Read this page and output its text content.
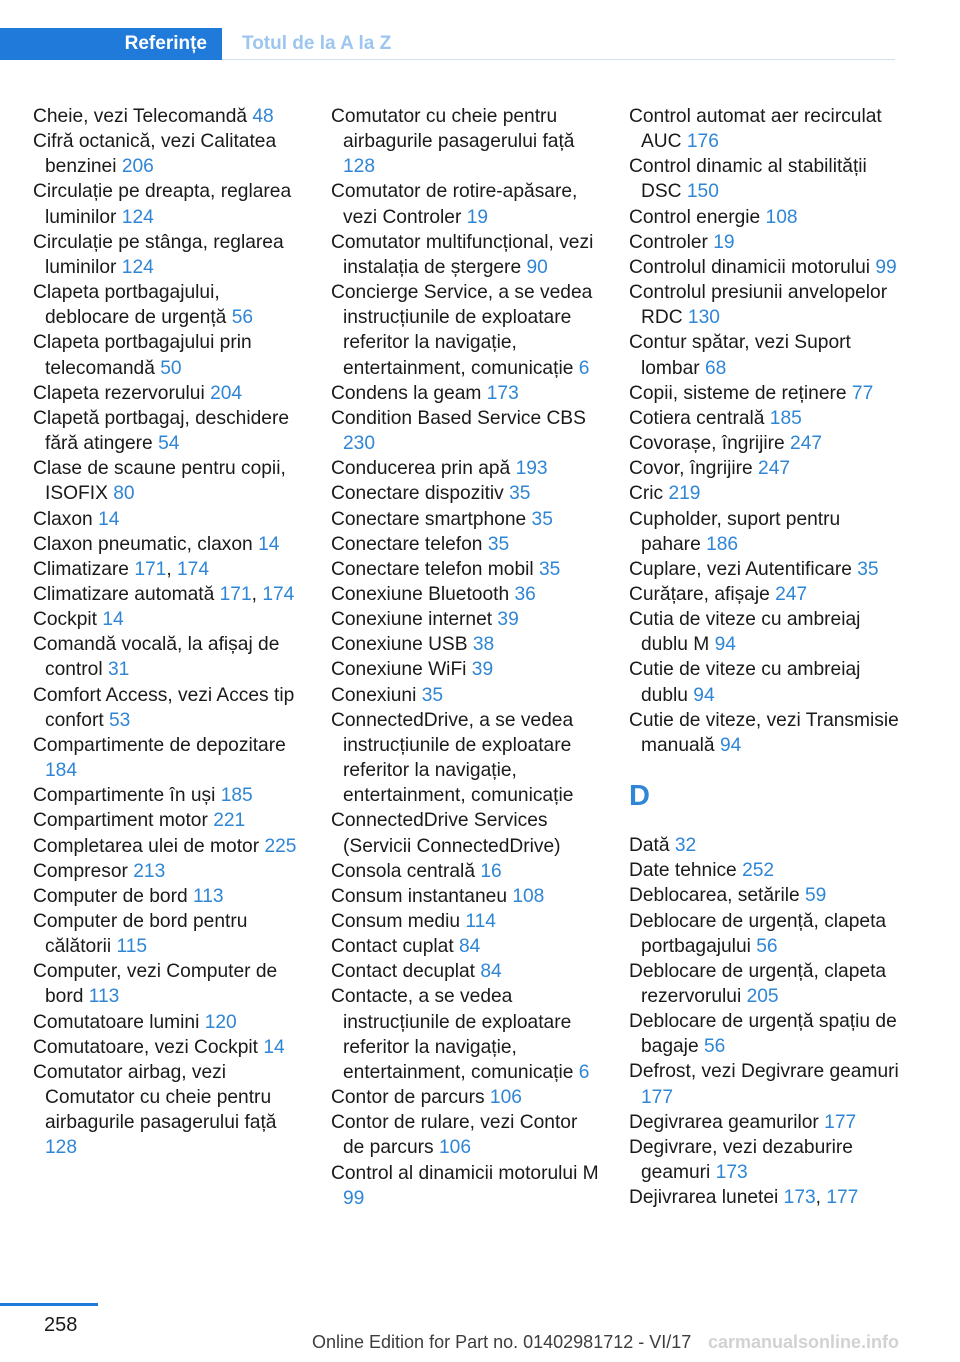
Referințe	Totul de la A la Z
Cheie, vezi Telecomandă 48
Cifră octanică, vezi Calitatea benzinei 206
Circulație pe dreapta, reglarea luminilor 124
Circulație pe stânga, reglarea luminilor 124
Clapeta portbagajului, deblocare de urgență 56
Clapeta portbagajului prin telecomandă 50
Clapeta rezervorului 204
Clapetă portbagaj, deschidere fără atingere 54
Clase de scaune pentru copii, ISOFIX 80
Claxon 14
Claxon pneumatic, claxon 14
Climatizare 171, 174
Climatizare automată 171, 174
Cockpit 14
Comandă vocală, la afișaj de control 31
Comfort Access, vezi Acces tip confort 53
Compartimente de depozitare 184
Compartimente în uși 185
Compartiment motor 221
Completarea ulei de motor 225
Compresor 213
Computer de bord 113
Computer de bord pentru călătorii 115
Computer, vezi Computer de bord 113
Comutatoare lumini 120
Comutatoare, vezi Cockpit 14
Comutator airbag, vezi Comutator cu cheie pentru airbagurile pasagerului față 128
Comutator cu cheie pentru airbagurile pasagerului față 128
Comutator de rotire-apăsare, vezi Controler 19
Comutator multifuncțional, vezi instalația de ștergere 90
Concierge Service, a se vedea instrucțiunile de exploatare referitor la navigație, entertainment, comunicație 6
Condens la geam 173
Condition Based Service CBS 230
Conducerea prin apă 193
Conectare dispozitiv 35
Conectare smartphone 35
Conectare telefon 35
Conectare telefon mobil 35
Conexiune Bluetooth 36
Conexiune internet 39
Conexiune USB 38
Conexiune WiFi 39
Conexiuni 35
ConnectedDrive, a se vedea instrucțiunile de exploatare referitor la navigație, entertainment, comunicație
ConnectedDrive Services (Servicii ConnectedDrive)
Consola centrală 16
Consum instantaneu 108
Consum mediu 114
Contact cuplat 84
Contact decuplat 84
Contacte, a se vedea instrucțiunile de exploatare referitor la navigație, entertainment, comunicație 6
Contor de parcurs 106
Contor de rulare, vezi Contor de parcurs 106
Control al dinamicii motorului M 99
Control automat aer recirculat AUC 176
Control dinamic al stabilității DSC 150
Control energie 108
Controler 19
Controlul dinamicii motorului 99
Controlul presiunii anvelopelor RDC 130
Contur spătar, vezi Suport lombar 68
Copii, sisteme de reținere 77
Cotiera centrală 185
Covorașe, îngrijire 247
Covor, îngrijire 247
Cric 219
Cupholder, suport pentru pahare 186
Cuplare, vezi Autentificare 35
Curățare, afișaje 247
Cutia de viteze cu ambreiaj dublu M 94
Cutie de viteze cu ambreiaj dublu 94
Cutie de viteze, vezi Transmisie manuală 94
D
Dată 32
Date tehnice 252
Deblocarea, setările 59
Deblocare de urgență, clapeta portbagajului 56
Deblocare de urgență, clapeta rezervorului 205
Deblocare de urgență spațiu de bagaje 56
Defrost, vezi Degivrare geamuri 177
Degivrarea geamurilor 177
Degivrare, vezi dezaburire geamuri 173
Dejivrarea lunetei 173, 177
258
Online Edition for Part no. 01402981712 - VI/17 carmanualsonline.info
